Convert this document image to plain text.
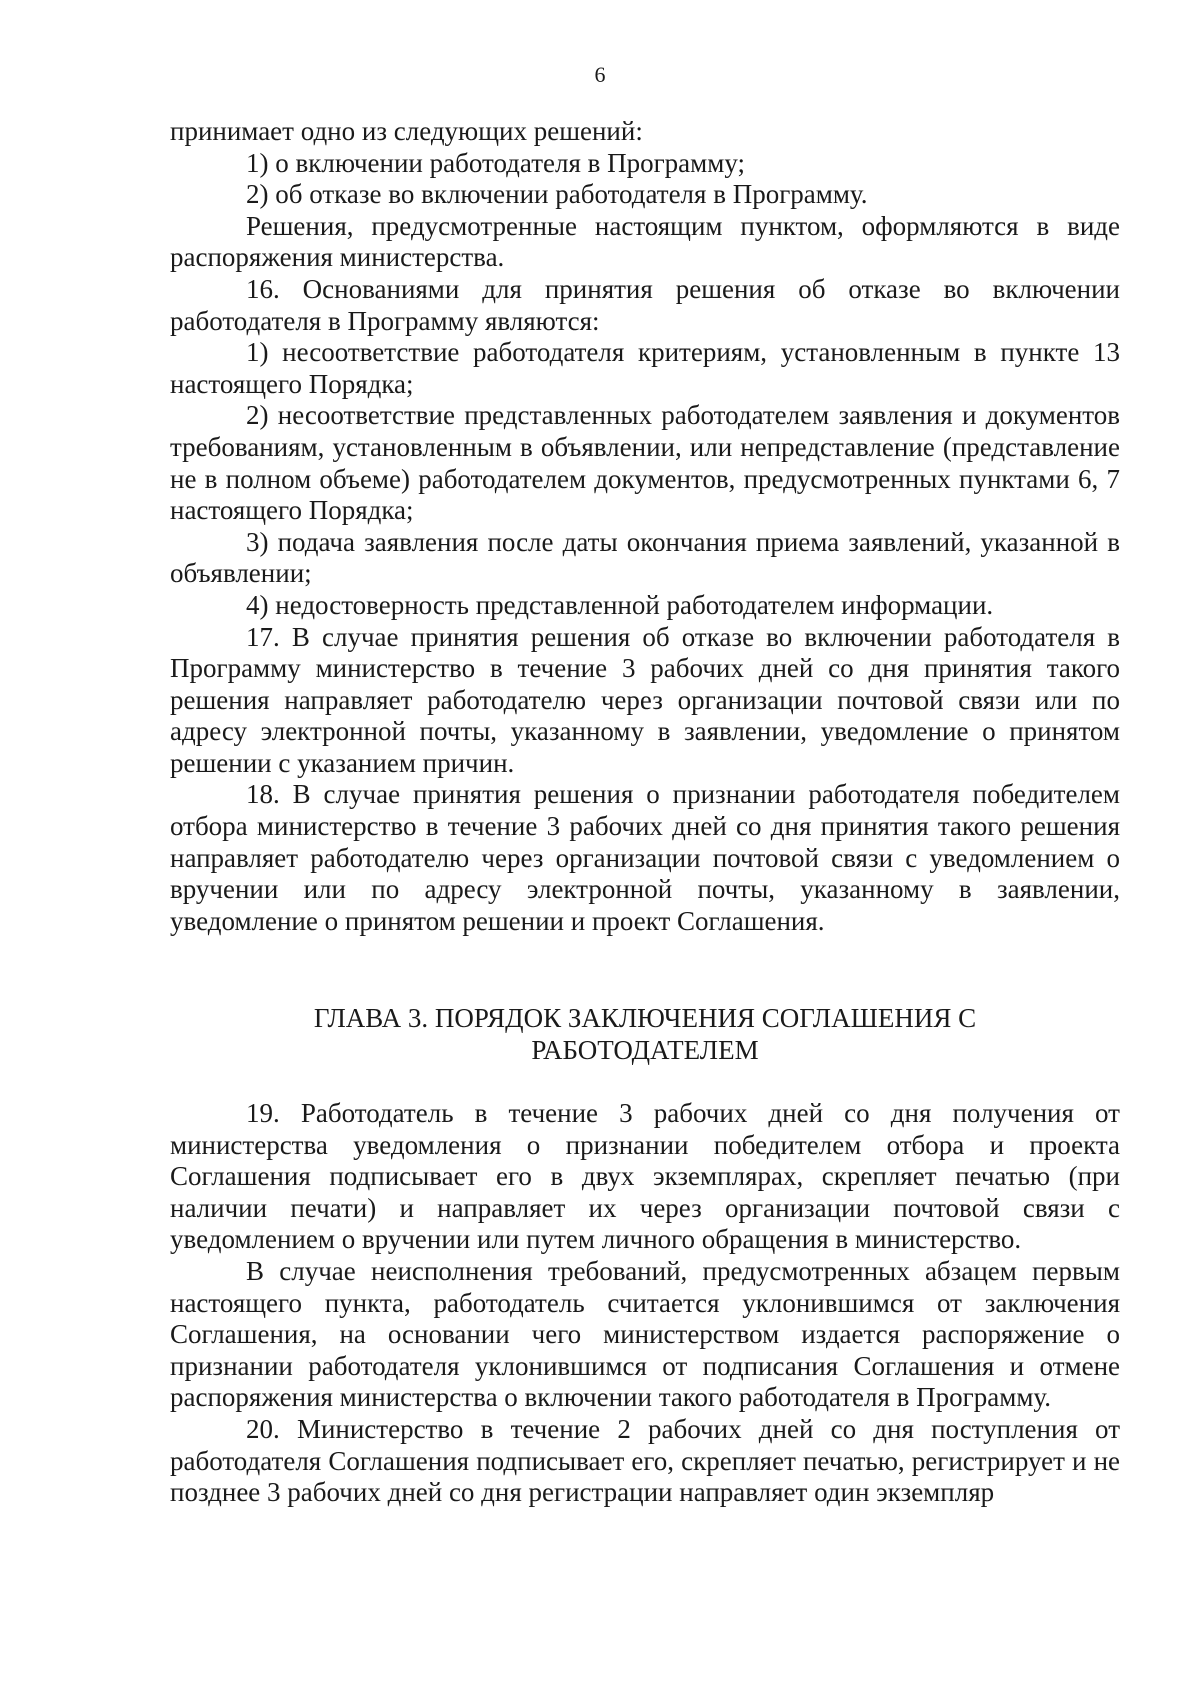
6

принимает одно из следующих решений:

1) о включении работодателя в Программу;

2) об отказе во включении работодателя в Программу.

Решения, предусмотренные настоящим пунктом, оформляются в виде распоряжения министерства.

16. Основаниями для принятия решения об отказе во включении работодателя в Программу являются:

1) несоответствие работодателя критериям, установленным в пункте 13 настоящего Порядка;

2) несоответствие представленных работодателем заявления и документов требованиям, установленным в объявлении, или непредставление (представление не в полном объеме) работодателем документов, предусмотренных пунктами 6, 7 настоящего Порядка;

3) подача заявления после даты окончания приема заявлений, указанной в объявлении;

4) недостоверность представленной работодателем информации.

17. В случае принятия решения об отказе во включении работодателя в Программу министерство в течение 3 рабочих дней со дня принятия такого решения направляет работодателю через организации почтовой связи или по адресу электронной почты, указанному в заявлении, уведомление о принятом решении с указанием причин.

18. В случае принятия решения о признании работодателя победителем отбора министерство в течение 3 рабочих дней со дня принятия такого решения направляет работодателю через организации почтовой связи с уведомлением о вручении или по адресу электронной почты, указанному в заявлении, уведомление о принятом решении и проект Соглашения.

ГЛАВА 3. ПОРЯДОК ЗАКЛЮЧЕНИЯ СОГЛАШЕНИЯ С
РАБОТОДАТЕЛЕМ

19. Работодатель в течение 3 рабочих дней со дня получения от министерства уведомления о признании победителем отбора и проекта Соглашения подписывает его в двух экземплярах, скрепляет печатью (при наличии печати) и направляет их через организации почтовой связи с уведомлением о вручении или путем личного обращения в министерство.

В случае неисполнения требований, предусмотренных абзацем первым настоящего пункта, работодатель считается уклонившимся от заключения Соглашения, на основании чего министерством издается распоряжение о признании работодателя уклонившимся от подписания Соглашения и отмене распоряжения министерства о включении такого работодателя в Программу.

20. Министерство в течение 2 рабочих дней со дня поступления от работодателя Соглашения подписывает его, скрепляет печатью, регистрирует и не позднее 3 рабочих дней со дня регистрации направляет один экземпляр
